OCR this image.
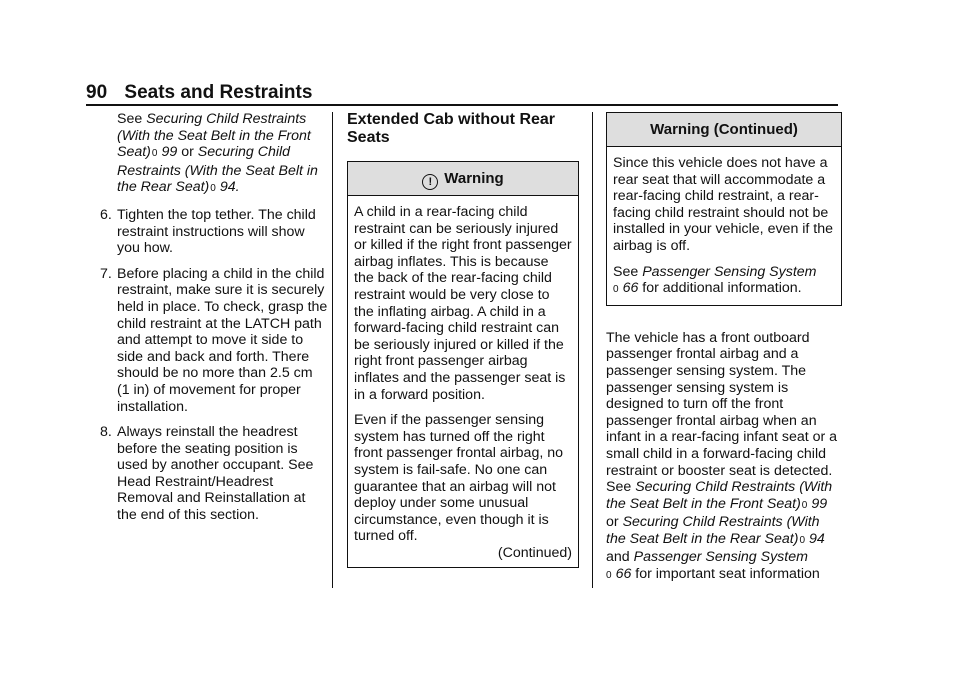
90 Seats and Restraints
See Securing Child Restraints (With the Seat Belt in the Front Seat)0 99 or Securing Child Restraints (With the Seat Belt in the Rear Seat)0 94.
6. Tighten the top tether. The child restraint instructions will show you how.
7. Before placing a child in the child restraint, make sure it is securely held in place. To check, grasp the child restraint at the LATCH path and attempt to move it side to side and back and forth. There should be no more than 2.5 cm (1 in) of movement for proper installation.
8. Always reinstall the headrest before the seating position is used by another occupant. See Head Restraint/Headrest Removal and Reinstallation at the end of this section.
Extended Cab without Rear Seats
! Warning
A child in a rear-facing child restraint can be seriously injured or killed if the right front passenger airbag inflates. This is because the back of the rear-facing child restraint would be very close to the inflating airbag. A child in a forward-facing child restraint can be seriously injured or killed if the right front passenger airbag inflates and the passenger seat is in a forward position.
Even if the passenger sensing system has turned off the right front passenger frontal airbag, no system is fail-safe. No one can guarantee that an airbag will not deploy under some unusual circumstance, even though it is turned off.
(Continued)
Warning (Continued)
Since this vehicle does not have a rear seat that will accommodate a rear-facing child restraint, a rear-facing child restraint should not be installed in your vehicle, even if the airbag is off.
See Passenger Sensing System
0 66 for additional information.
The vehicle has a front outboard passenger frontal airbag and a passenger sensing system. The passenger sensing system is designed to turn off the front passenger frontal airbag when an infant in a rear-facing infant seat or a small child in a forward-facing child restraint or booster seat is detected.
See Securing Child Restraints (With the Seat Belt in the Front Seat)0 99
or Securing Child Restraints (With the Seat Belt in the Rear Seat)0 94
and Passenger Sensing System
0 66 for important seat information
